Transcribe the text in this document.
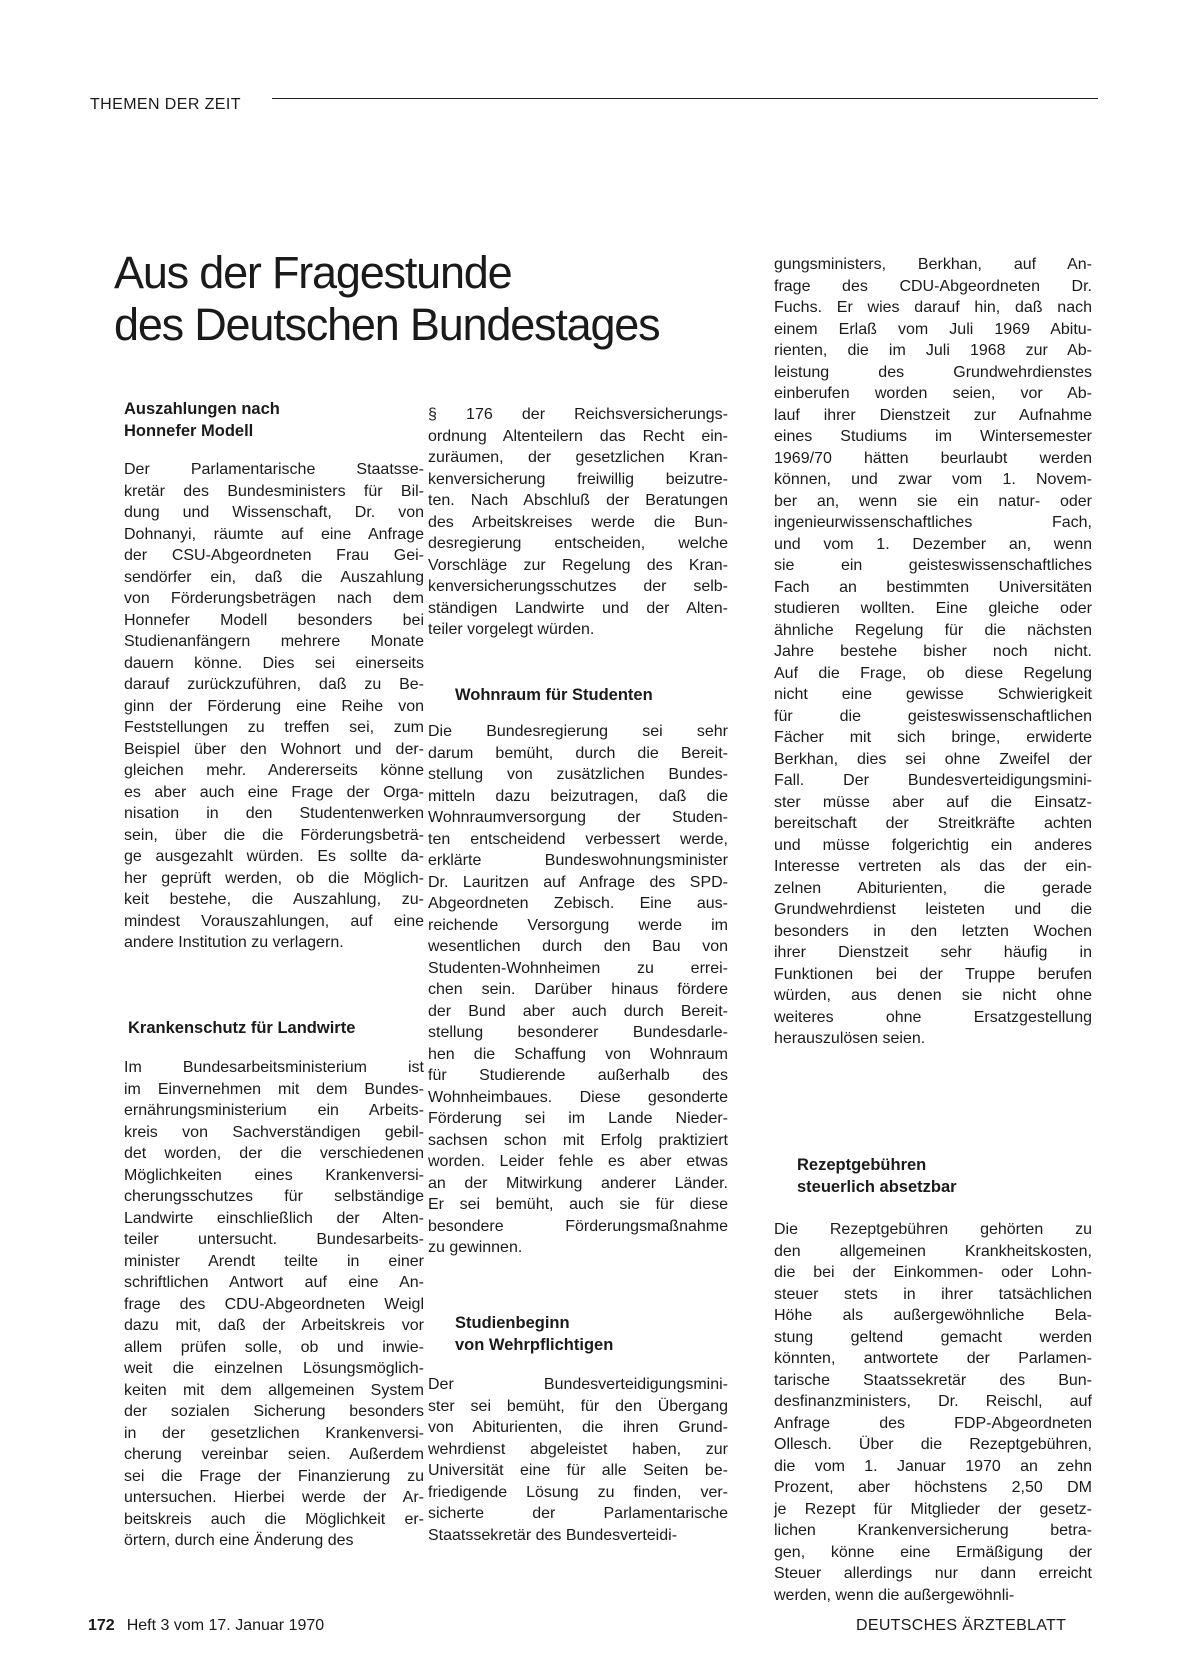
THEMEN DER ZEIT
Aus der Fragestunde
des Deutschen Bundestages
Auszahlungen nach
Honnefer Modell
Der Parlamentarische Staatsse-
kretär des Bundesministers für Bil-
dung und Wissenschaft, Dr. von
Dohnanyi, räumte auf eine Anfrage
der CSU-Abgeordneten Frau Gei-
sendörfer ein, daß die Auszahlung
von Förderungsbeträgen nach dem
Honnefer Modell besonders bei
Studienanfängern mehrere Monate
dauern könne. Dies sei einerseits
darauf zurückzuführen, daß zu Be-
ginn der Förderung eine Reihe von
Feststellungen zu treffen sei, zum
Beispiel über den Wohnort und der-
gleichen mehr. Andererseits könne
es aber auch eine Frage der Orga-
nisation in den Studentenwerken
sein, über die die Förderungsbeträ-
ge ausgezahlt würden. Es sollte da-
her geprüft werden, ob die Möglich-
keit bestehe, die Auszahlung, zu-
mindest Vorauszahlungen, auf eine
andere Institution zu verlagern.
Krankenschutz für Landwirte
Im Bundesarbeitsministerium ist
im Einvernehmen mit dem Bundes-
ernährungsministerium ein Arbeits-
kreis von Sachverständigen gebil-
det worden, der die verschiedenen
Möglichkeiten eines Krankenversi-
cherungsschutzes für selbständige
Landwirte einschließlich der Alten-
teiler untersucht. Bundesarbeits-
minister Arendt teilte in einer
schriftlichen Antwort auf eine An-
frage des CDU-Abgeordneten Weigl
dazu mit, daß der Arbeitskreis vor
allem prüfen solle, ob und inwie-
weit die einzelnen Lösungsmöglich-
keiten mit dem allgemeinen System
der sozialen Sicherung besonders
in der gesetzlichen Krankenversi-
cherung vereinbar seien. Außerdem
sei die Frage der Finanzierung zu
untersuchen. Hierbei werde der Ar-
beitskreis auch die Möglichkeit er-
örtern, durch eine Änderung des
§ 176 der Reichsversicherungs-
ordnung Altenteilern das Recht ein-
zuräumen, der gesetzlichen Kran-
kenversicherung freiwillig beizutre-
ten. Nach Abschluß der Beratungen
des Arbeitskreises werde die Bun-
desregierung entscheiden, welche
Vorschläge zur Regelung des Kran-
kenversicherungsschutzes der selb-
ständigen Landwirte und der Alten-
teiler vorgelegt würden.
Wohnraum für Studenten
Die Bundesregierung sei sehr
darum bemüht, durch die Bereit-
stellung von zusätzlichen Bundes-
mitteln dazu beizutragen, daß die
Wohnraumversorgung der Studen-
ten entscheidend verbessert werde,
erklärte Bundeswohnungsminister
Dr. Lauritzen auf Anfrage des SPD-
Abgeordneten Zebisch. Eine aus-
reichende Versorgung werde im
wesentlichen durch den Bau von
Studenten-Wohnheimen zu errei-
chen sein. Darüber hinaus fördere
der Bund aber auch durch Bereit-
stellung besonderer Bundesdarle-
hen die Schaffung von Wohnraum
für Studierende außerhalb des
Wohnheimbaues. Diese gesonderte
Förderung sei im Lande Nieder-
sachsen schon mit Erfolg praktiziert
worden. Leider fehle es aber etwas
an der Mitwirkung anderer Länder.
Er sei bemüht, auch sie für diese
besondere Förderungsmaßnahme
zu gewinnen.
Studienbeginn
von Wehrpflichtigen
Der Bundesverteidigungsmini-
ster sei bemüht, für den Übergang
von Abiturienten, die ihren Grund-
wehrdienst abgeleistet haben, zur
Universität eine für alle Seiten be-
friedigende Lösung zu finden, ver-
sicherte der Parlamentarische
Staatssekretär des Bundesverteidi-
gungsministers, Berkhan, auf An-
frage des CDU-Abgeordneten Dr.
Fuchs. Er wies darauf hin, daß nach
einem Erlaß vom Juli 1969 Abitu-
rienten, die im Juli 1968 zur Ab-
leistung des Grundwehrdienstes
einberufen worden seien, vor Ab-
lauf ihrer Dienstzeit zur Aufnahme
eines Studiums im Wintersemester
1969/70 hätten beurlaubt werden
können, und zwar vom 1. Novem-
ber an, wenn sie ein natur- oder
ingenieurwissenschaftliches Fach,
und vom 1. Dezember an, wenn
sie ein geisteswissenschaftliches
Fach an bestimmten Universitäten
studieren wollten. Eine gleiche oder
ähnliche Regelung für die nächsten
Jahre bestehe bisher noch nicht.
Auf die Frage, ob diese Regelung
nicht eine gewisse Schwierigkeit
für die geisteswissenschaftlichen
Fächer mit sich bringe, erwiderte
Berkhan, dies sei ohne Zweifel der
Fall. Der Bundesverteidigungsmini-
ster müsse aber auf die Einsatz-
bereitschaft der Streitkräfte achten
und müsse folgerichtig ein anderes
Interesse vertreten als das der ein-
zelnen Abiturienten, die gerade
Grundwehrdienst leisteten und die
besonders in den letzten Wochen
ihrer Dienstzeit sehr häufig in
Funktionen bei der Truppe berufen
würden, aus denen sie nicht ohne
weiteres ohne Ersatzgestellung
herauszulösen seien.
Rezeptgebühren
steuerlich absetzbar
Die Rezeptgebühren gehörten zu
den allgemeinen Krankheitskosten,
die bei der Einkommen- oder Lohn-
steuer stets in ihrer tatsächlichen
Höhe als außergewöhnliche Bela-
stung geltend gemacht werden
könnten, antwortete der Parlamen-
tarische Staatssekretär des Bun-
desfinanzministers, Dr. Reischl, auf
Anfrage des FDP-Abgeordneten
Ollesch. Über die Rezeptgebühren,
die vom 1. Januar 1970 an zehn
Prozent, aber höchstens 2,50 DM
je Rezept für Mitglieder der gesetz-
lichen Krankenversicherung betra-
gen, könne eine Ermäßigung der
Steuer allerdings nur dann erreicht
werden, wenn die außergewöhnli-
172 Heft 3 vom 17. Januar 1970	DEUTSCHES ÄRZTEBLATT
